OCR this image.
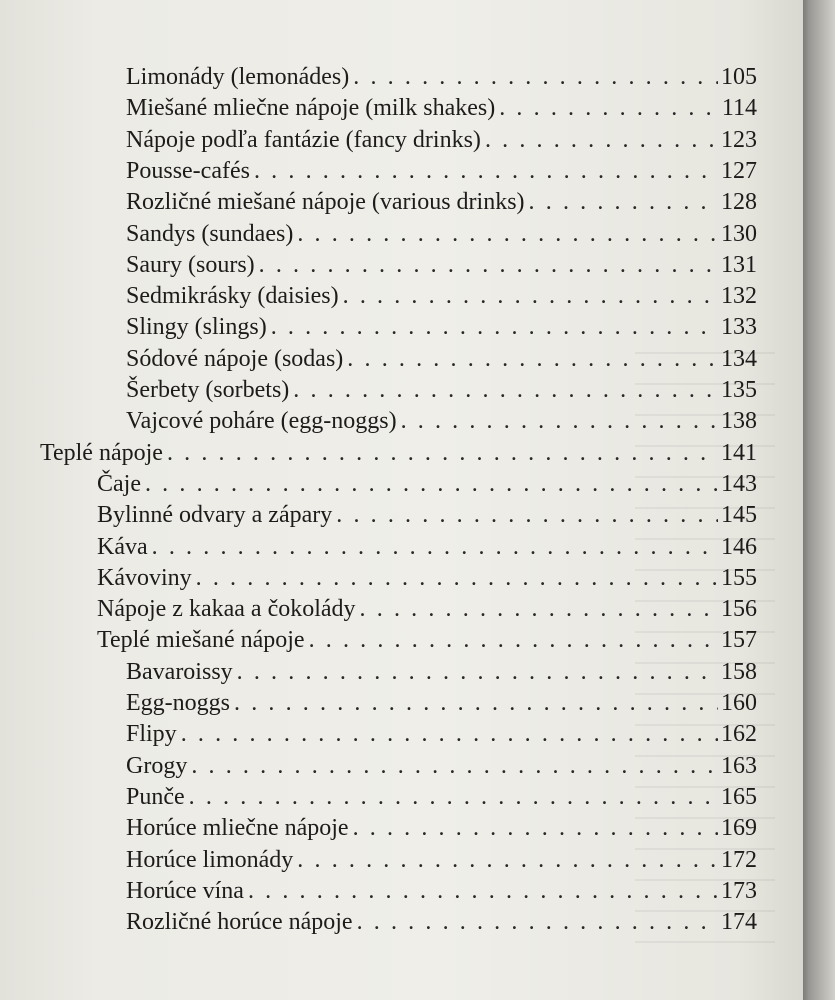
Limonády (lemonádes) . . .	105
Miešané mliečne nápoje (milk shakes) . . .	114
Nápoje podľa fantázie (fancy drinks) . . .	123
Pousse-cafés . . .	127
Rozličné miešané nápoje (various drinks) . . .	128
Sandys (sundaes) . . .	130
Saury (sours) . . .	131
Sedmikrásky (daisies) . . .	132
Slingy (slings) . . .	133
Sódové nápoje (sodas) . . .	134
Šerbety (sorbets) . . .	135
Vajcové poháre (egg-noggs) . . .	138
Teplé nápoje . . .	141
Čaje . . .	143
Bylinné odvary a zápary . . .	145
Káva . . .	146
Kávoviny . . .	155
Nápoje z kakaa a čokolády . . .	156
Teplé miešané nápoje . . .	157
Bavaroissy . . .	158
Egg-noggs . . .	160
Flipy . . .	162
Grogy . . .	163
Punče . . .	165
Horúce mliečne nápoje . . .	169
Horúce limonády . . .	172
Horúce vína . . .	173
Rozličné horúce nápoje . . .	174
